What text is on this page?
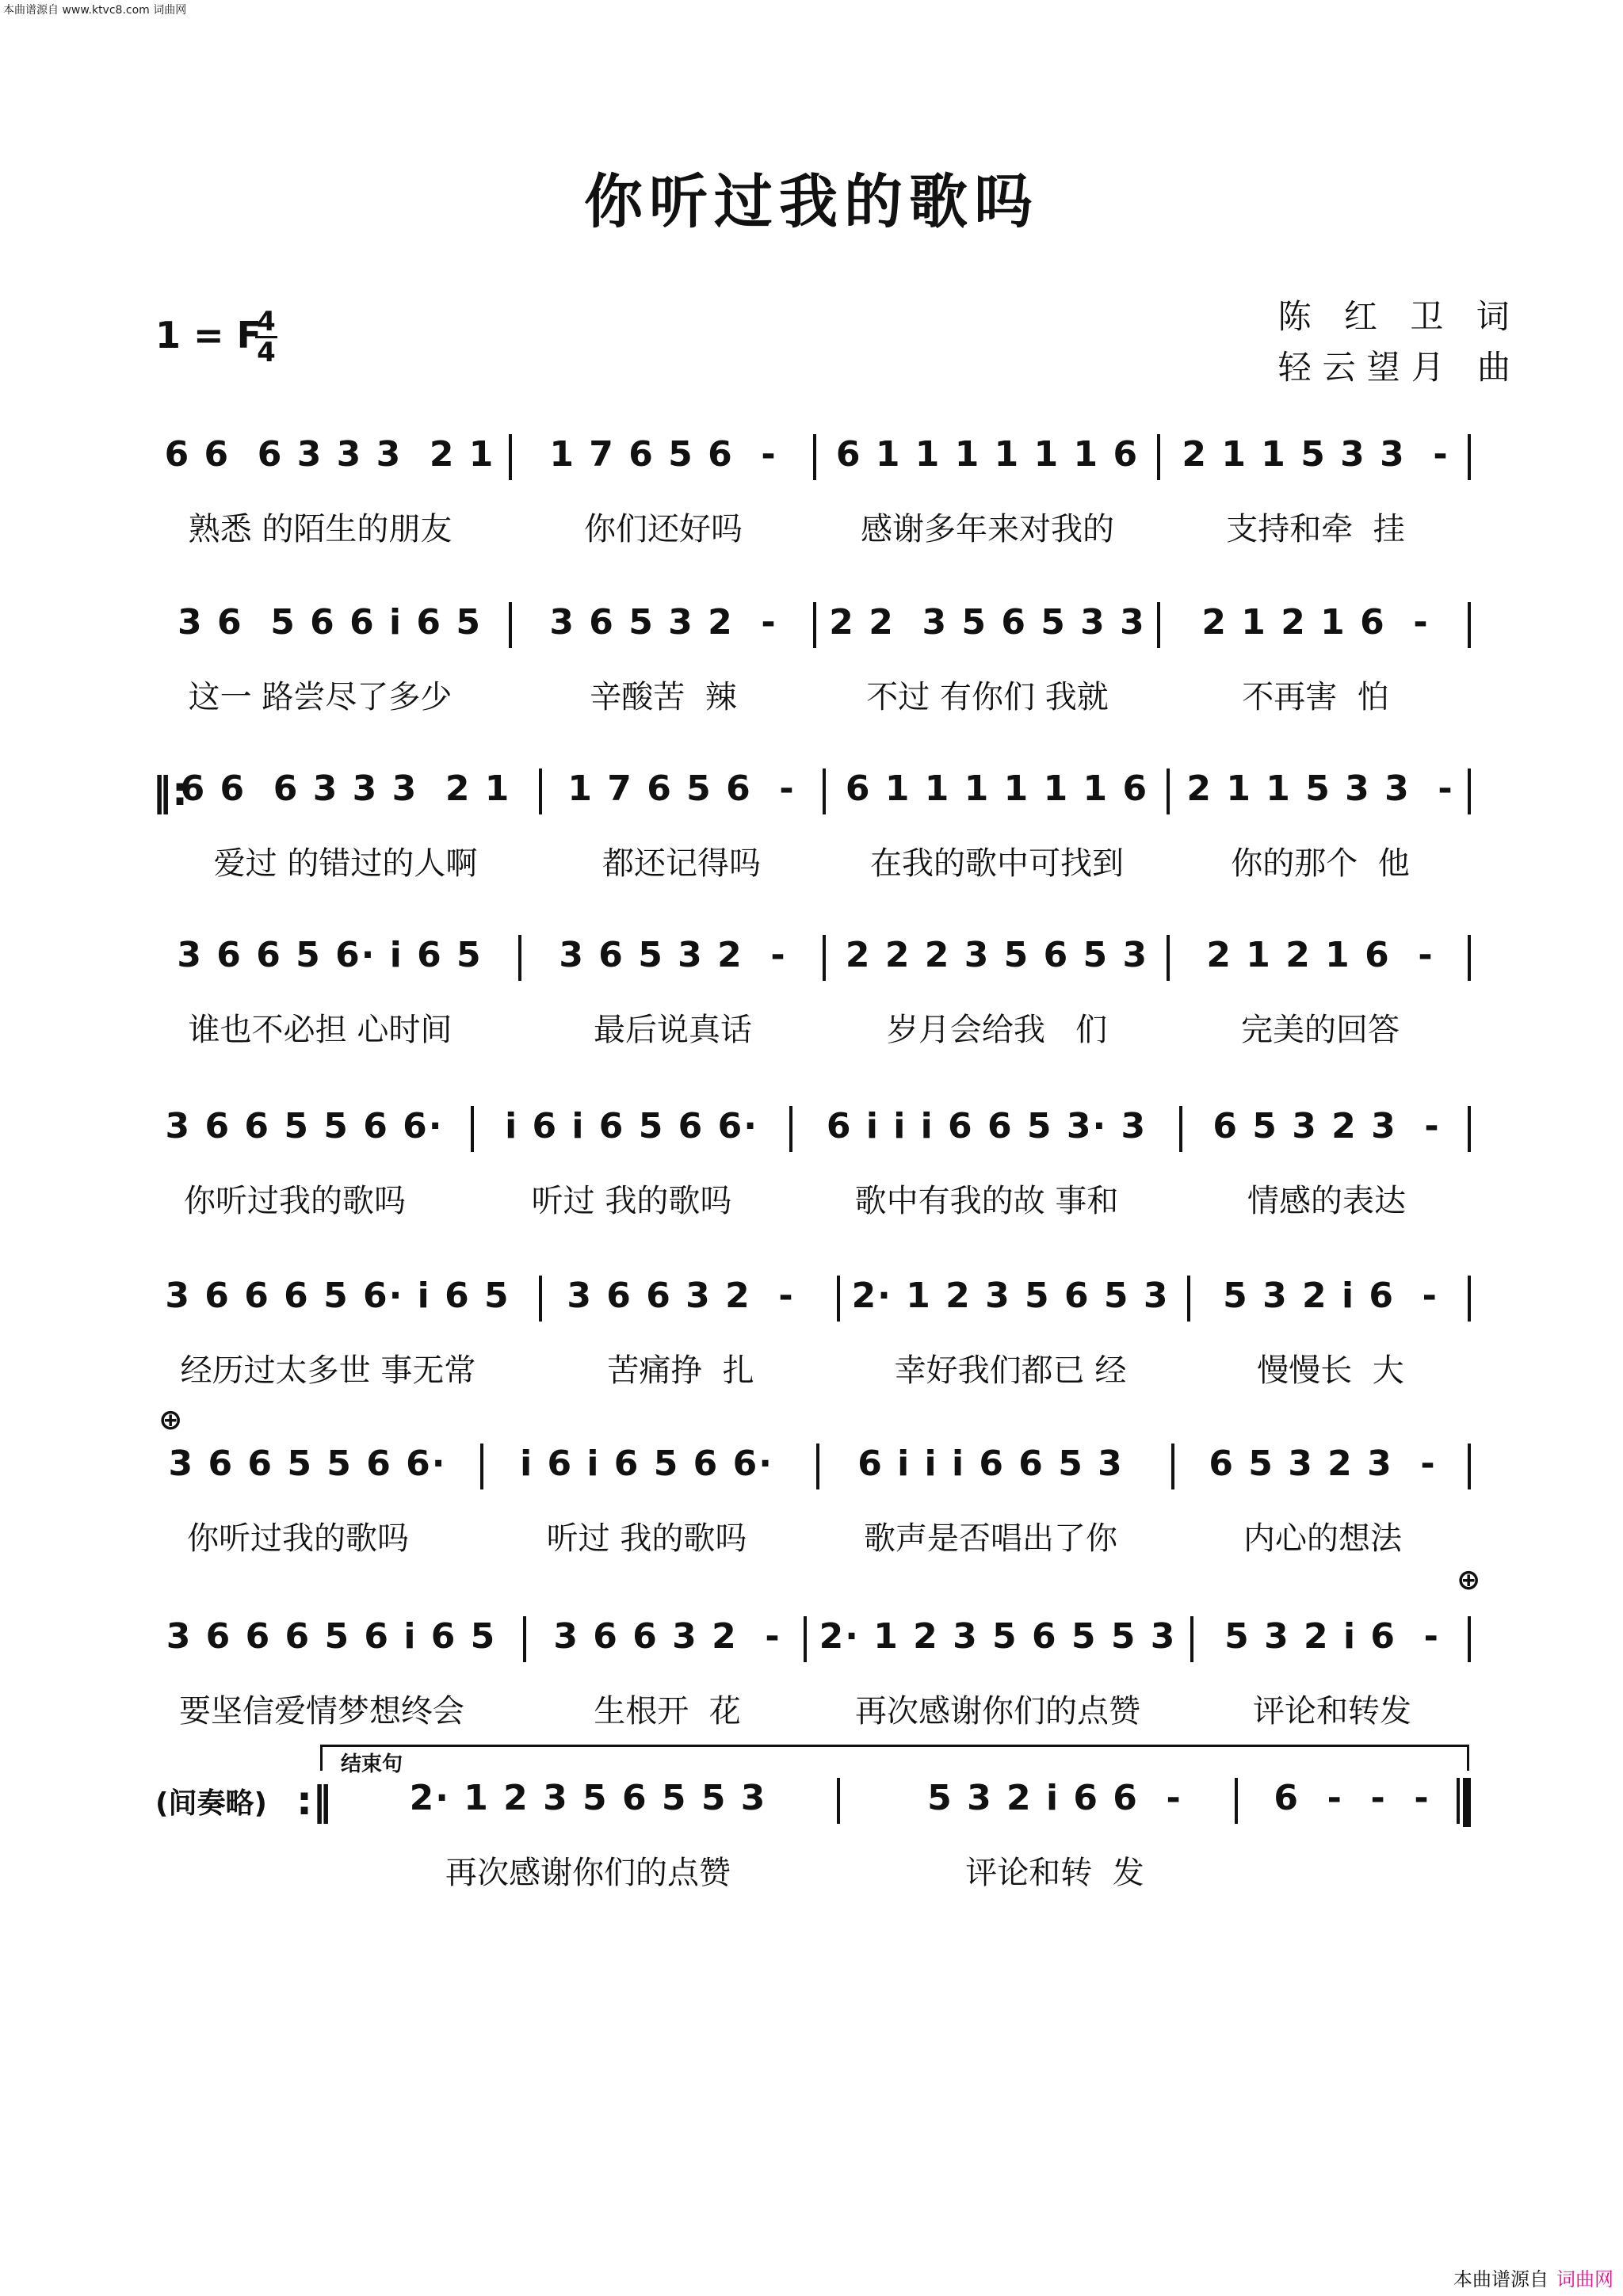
本曲谱源自 www.ktvc8.com 词曲网
你听过我的歌吗
陈 红 卫 词
轻云望月 曲
1 = F
4
4
6 6  6 3 3 3  2 1	1 7 6 5 6  -	6 1 1 1 1 1 1 6	2 1 1 5 3 3  -
熟悉 的陌生的朋友	你们还好吗	感谢多年来对我的	支持和牵  挂
3 6  5 6 6 i 6 5	3 6 5 3 2  -	2 2  3 5 6 5 3 3	2 1 2 1 6  -
这一 路尝尽了多少	辛酸苦  辣	不过 有你们 我就	不再害  怕
‖:
6 6  6 3 3 3  2 1	1 7 6 5 6  -	6 1 1 1 1 1 1 6	2 1 1 5 3 3  -
爱过 的错过的人啊	都还记得吗	在我的歌中可找到	你的那个  他
3 6 6 5 6· i 6 5	3 6 5 3 2  -	2 2 2 3 5 6 5 3	2 1 2 1 6  -
谁也不必担 心时间	最后说真话	岁月会给我   们	完美的回答
3 6 6 5 5 6 6·	i 6 i 6 5 6 6·	6 i i i 6 6 5 3· 3	6 5 3 2 3  -
你听过我的歌吗	听过 我的歌吗	歌中有我的故 事和	情感的表达
3 6 6 6 5 6· i 6 5	3 6 6 3 2  -	2· 1 2 3 5 6 5 3	5 3 2 i 6  -
经历过太多世 事无常	苦痛挣  扎	幸好我们都已 经	慢慢长  大
⊕
3 6 6 5 5 6 6·	i 6 i 6 5 6 6·	6 i i i 6 6 5 3	6 5 3 2 3  -
你听过我的歌吗	听过 我的歌吗	歌声是否唱出了你	内心的想法
⊕
3 6 6 6 5 6 i 6 5	3 6 6 3 2  -	2· 1 2 3 5 6 5 5 3	5 3 2 i 6  -
要坚信爱情梦想终会	生根开  花	再次感谢你们的点赞	评论和转发
结束句
(间奏略) :‖	2· 1 2 3 5 6 5 5 3	5 3 2 i 6 6  -	6  -  -  -
再次感谢你们的点赞	评论和转  发
本曲谱源自 词曲网
